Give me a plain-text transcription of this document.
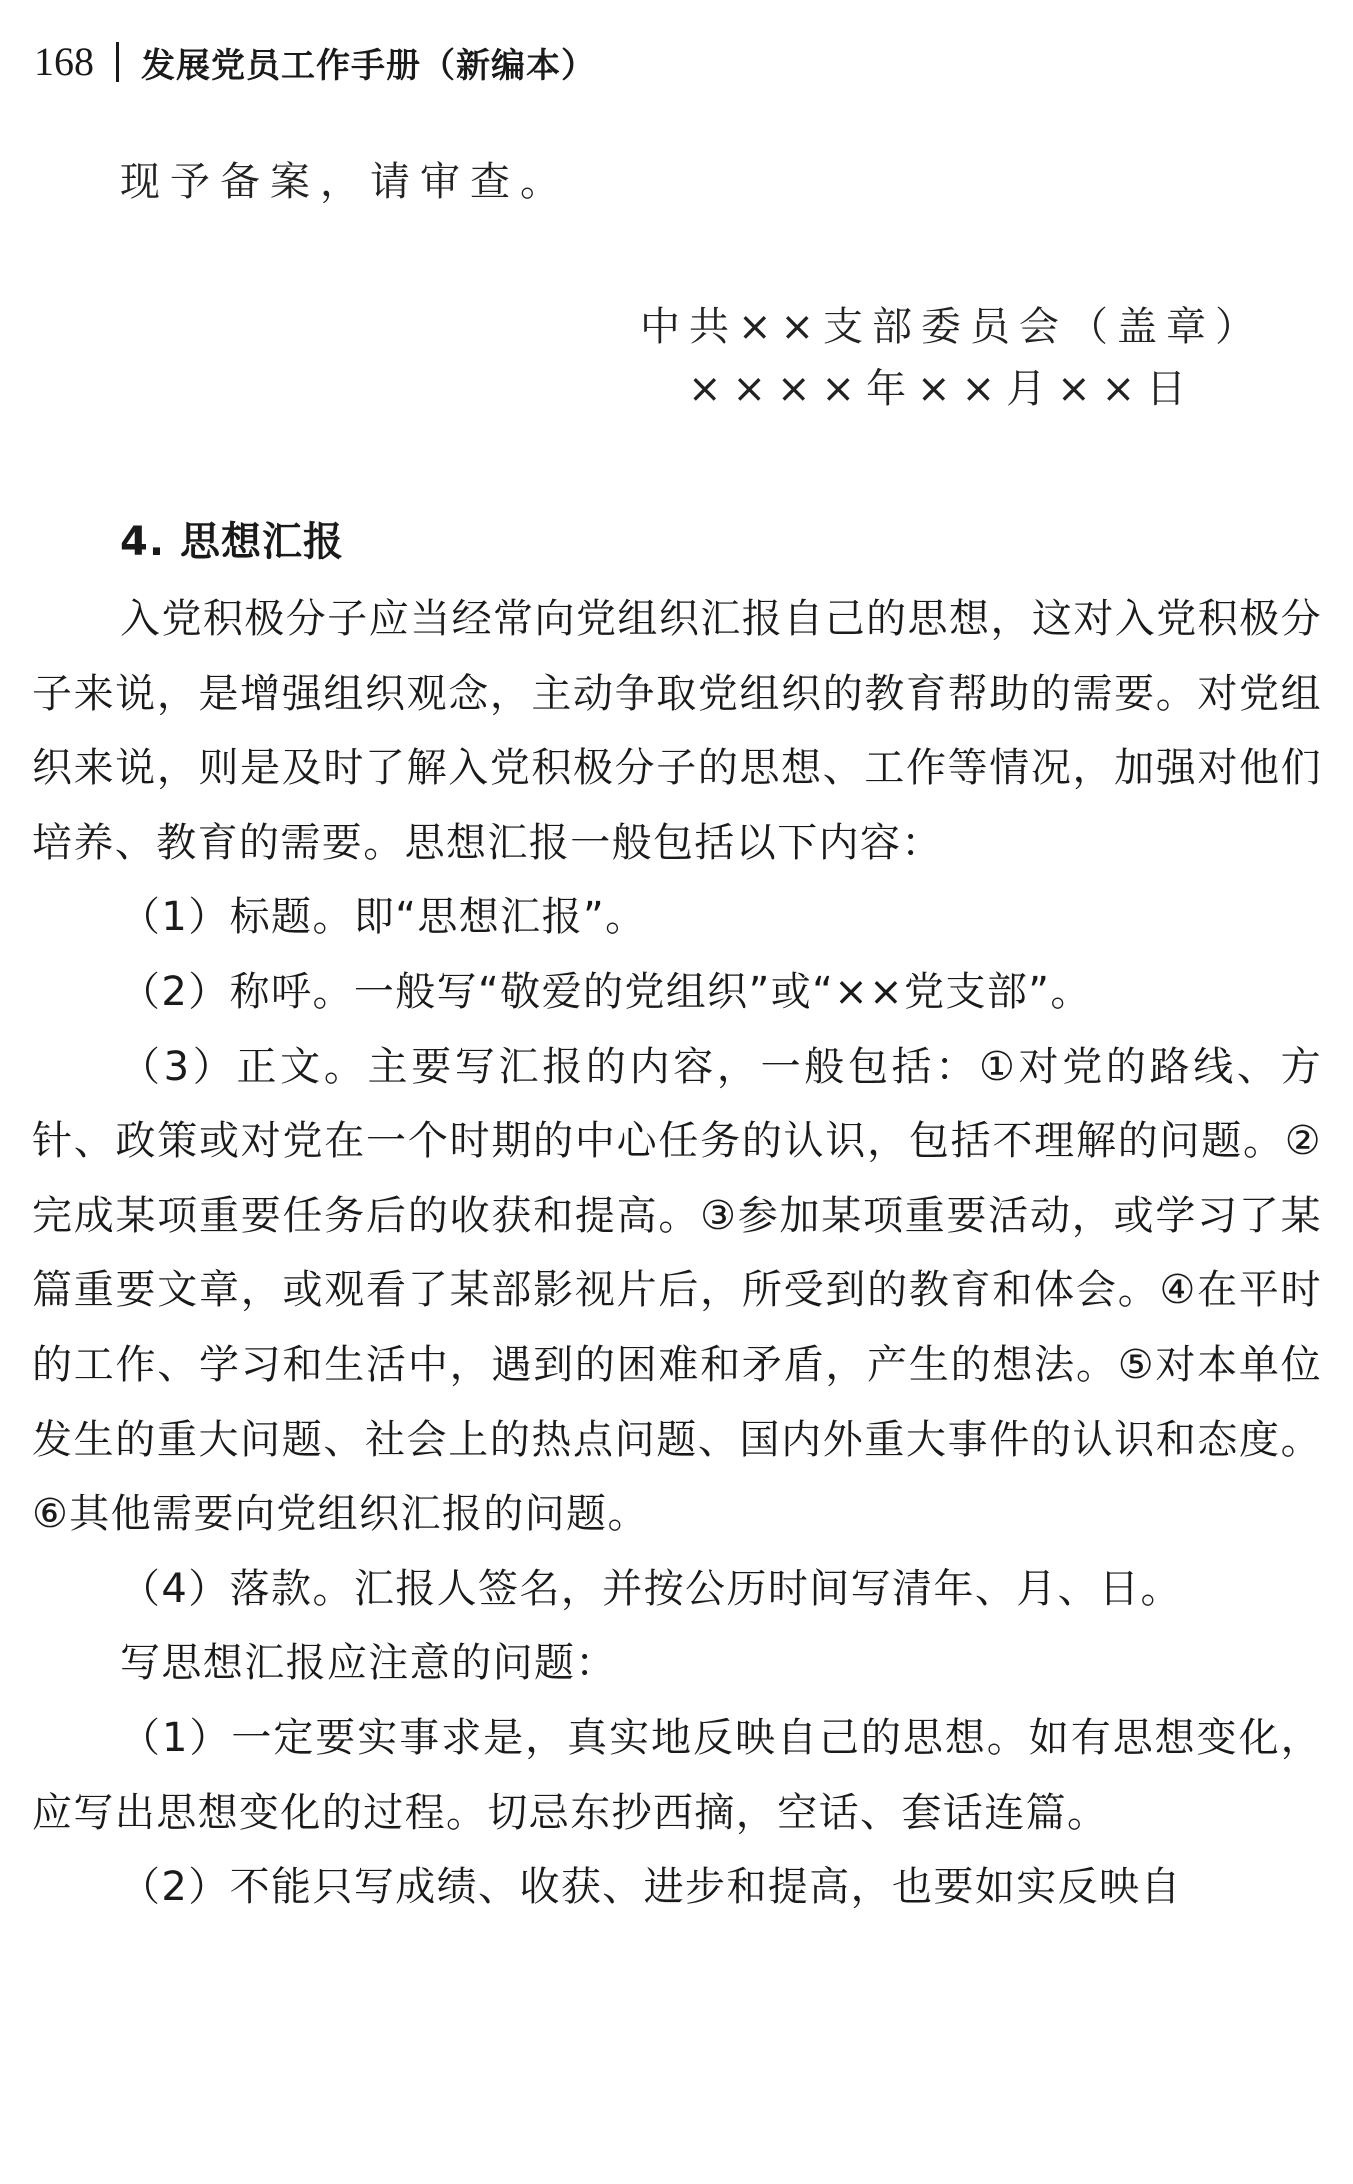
168 发展党员工作手册（新编本）
现予备案，请审查。
中共××支部委员会（盖章）
××××年××月××日
4. 思想汇报

入党积极分子应当经常向党组织汇报自己的思想，这对入党积极分子来说，是增强组织观念，主动争取党组织的教育帮助的需要。对党组织来说，则是及时了解入党积极分子的思想、工作等情况，加强对他们培养、教育的需要。思想汇报一般包括以下内容：

（1）标题。即“思想汇报”。

（2）称呼。一般写“敬爱的党组织”或“××党支部”。

（3）正文。主要写汇报的内容，一般包括：①对党的路线、方针、政策或对党在一个时期的中心任务的认识，包括不理解的问题。②完成某项重要任务后的收获和提高。③参加某项重要活动，或学习了某篇重要文章，或观看了某部影视片后，所受到的教育和体会。④在平时的工作、学习和生活中，遇到的困难和矛盾，产生的想法。⑤对本单位发生的重大问题、社会上的热点问题、国内外重大事件的认识和态度。⑥其他需要向党组织汇报的问题。

（4）落款。汇报人签名，并按公历时间写清年、月、日。

写思想汇报应注意的问题：

（1）一定要实事求是，真实地反映自己的思想。如有思想变化，应写出思想变化的过程。切忌东抄西摘，空话、套话连篇。

（2）不能只写成绩、收获、进步和提高，也要如实反映自
